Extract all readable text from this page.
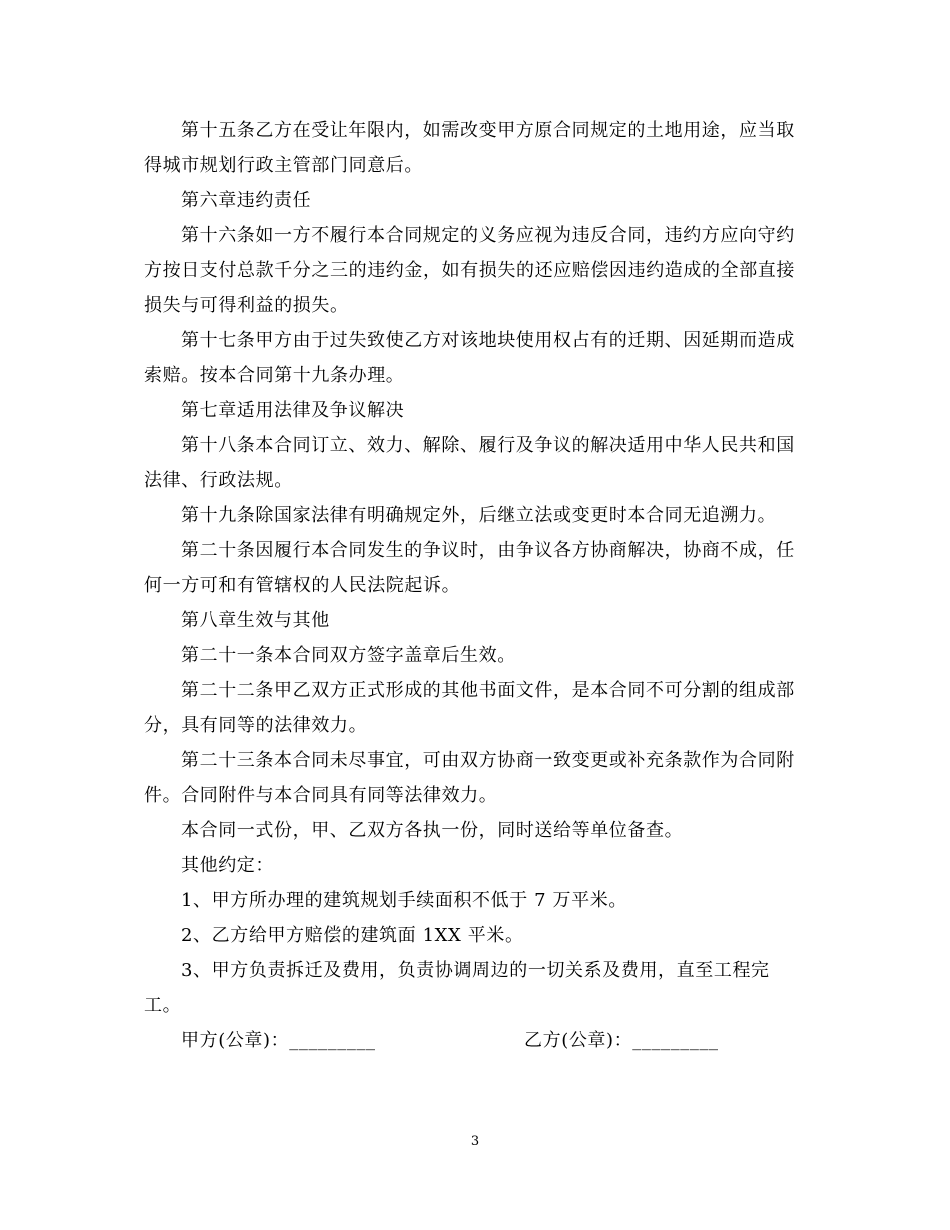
第十五条乙方在受让年限内，如需改变甲方原合同规定的土地用途，应当取得城市规划行政主管部门同意后。

第六章违约责任

第十六条如一方不履行本合同规定的义务应视为违反合同，违约方应向守约方按日支付总款千分之三的违约金，如有损失的还应赔偿因违约造成的全部直接损失与可得利益的损失。

第十七条甲方由于过失致使乙方对该地块使用权占有的迁期、因延期而造成索赔。按本合同第十九条办理。

第七章适用法律及争议解决

第十八条本合同订立、效力、解除、履行及争议的解决适用中华人民共和国法律、行政法规。

第十九条除国家法律有明确规定外，后继立法或变更时本合同无追溯力。

第二十条因履行本合同发生的争议时，由争议各方协商解决，协商不成，任何一方可和有管辖权的人民法院起诉。

第八章生效与其他

第二十一条本合同双方签字盖章后生效。

第二十二条甲乙双方正式形成的其他书面文件，是本合同不可分割的组成部分，具有同等的法律效力。

第二十三条本合同未尽事宜，可由双方协商一致变更或补充条款作为合同附件。合同附件与本合同具有同等法律效力。

本合同一式份，甲、乙双方各执一份，同时送给等单位备查。

其他约定：

1、甲方所办理的建筑规划手续面积不低于 7 万平米。

2、乙方给甲方赔偿的建筑面 1XX 平米。

3、甲方负责拆迁及费用，负责协调周边的一切关系及费用，直至工程完工。

甲方(公章)：_________	乙方(公章)：_________
3
